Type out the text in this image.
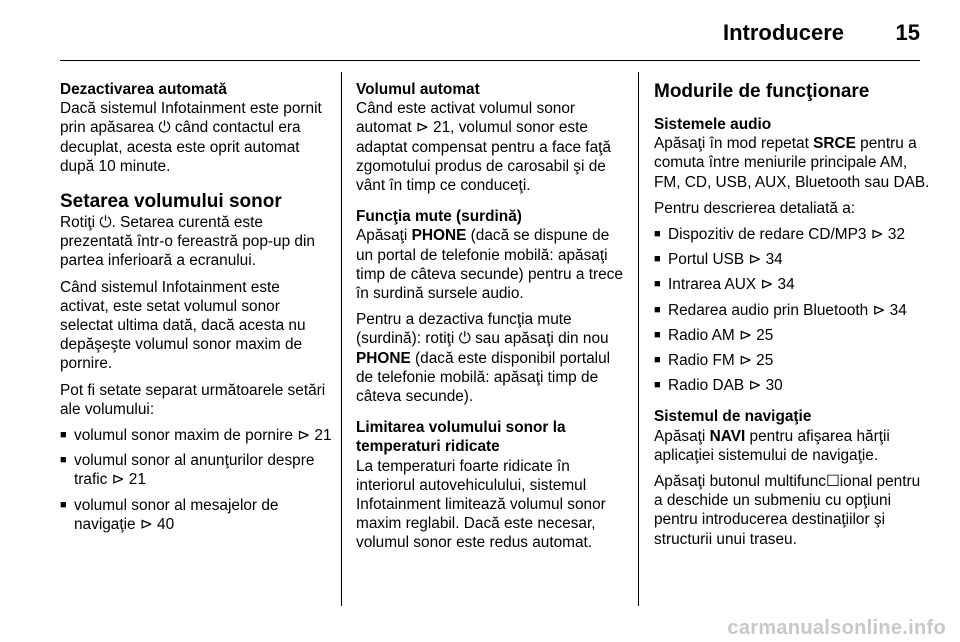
Introducere 15
Dezactivarea automată

Dacă sistemul Infotainment este pornit prin apăsarea ⏻ când contactul era decuplat, acesta este oprit automat după 10 minute.

Setarea volumului sonor

Rotiţi ⏻. Setarea curentă este prezentată într-o fereastră pop-up din partea inferioară a ecranului.

Când sistemul Infotainment este activat, este setat volumul sonor selectat ultima dată, dacă acesta nu depăşeşte volumul sonor maxim de pornire.

Pot fi setate separat următoarele setări ale volumului:

■ volumul sonor maxim de pornire ⊳ 21
■ volumul sonor al anunţurilor despre trafic ⊳ 21
■ volumul sonor al mesajelor de navigaţie ⊳ 40
Volumul automat

Când este activat volumul sonor automat ⊳ 21, volumul sonor este adaptat compensat pentru a face faţă zgomotului produs de carosabil şi de vânt în timp ce conduceţi.

Funcţia mute (surdină)

Apăsaţi PHONE (dacă se dispune de un portal de telefonie mobilă: apăsaţi timp de câteva secunde) pentru a trece în surdină sursele audio.

Pentru a dezactiva funcţia mute (surdină): rotiţi ⏻ sau apăsaţi din nou PHONE (dacă este disponibil portalul de telefonie mobilă: apăsaţi timp de câteva secunde).

Limitarea volumului sonor la temperaturi ridicate

La temperaturi foarte ridicate în interiorul autovehiculului, sistemul Infotainment limitează volumul sonor maxim reglabil. Dacă este necesar, volumul sonor este redus automat.

Modurile de funcţionare
Sistemele audio

Apăsaţi în mod repetat SRCE pentru a comuta între meniurile principale AM, FM, CD, USB, AUX, Bluetooth sau DAB.

Pentru descrierea detaliată a:

■ Dispozitiv de redare CD/MP3 ⊳ 32
■ Portul USB ⊳ 34
■ Intrarea AUX ⊳ 34
■ Redarea audio prin Bluetooth ⊳ 34
■ Radio AM ⊳ 25
■ Radio FM ⊳ 25
■ Radio DAB ⊳ 30
Sistemul de navigaţie

Apăsaţi NAVI pentru afişarea hărţii aplicaţiei sistemului de navigaţie.

Apăsaţi butonul multifunc☐ional pentru a deschide un submeniu cu opţiuni pentru introducerea destinaţiilor şi structurii unui traseu.

carmanualsonline.info
